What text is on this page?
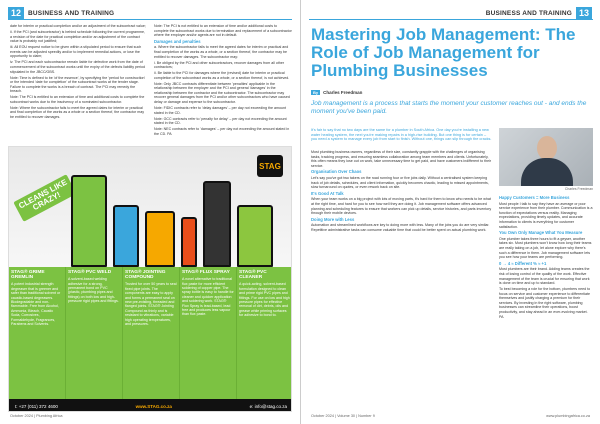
12	BUSINESS AND TRAINING

date for interim or practical completion and/or an adjustment of the subcontract value;

ii. If the PCI (and subcontractor) is behind schedule following the current programme, a revision of the date for practical completion and/or an adjustment of the contract value is probably not justified;

iii. All EOU request notice to be given within a stipulated period to ensure that such events can be adjusted speedily and/or to implement remedial actions, or lose the opportunity to claim;

iv. The PCI and each subcontractor remain liable for defective work from the date of commencement of the subcontract works until the expiry of the defects liability period stipulated in the JBCC/GBS.

Note: Time is defined to be 'of the essence', by specifying the 'period for construction' or the intended 'date for completion' of the subcontract works at the tender stage. Failure to complete the works is a breach of contract. The PCI may remedy the breach.

Note: The PCI is entitled to an extension of time and additional costs to complete the subcontract works due to the insolvency of a nominated subcontractor.

Note: Where the subcontractor fails to meet the agreed dates for interim or practical and final completion of the works as a whole or a section thereof, the contractor may be entitled to recover damages.

Note: The PCI is not entitled to an extension of time and/or additional costs to complete the subcontract works due to termination and replacement of a subcontractor where the employer and/or agents are not in default.

Damages and penalties

a. Where the subcontractor fails to meet the agreed dates for interim or practical and final completion of the works as a whole, or a section thereof, the contractor may be entitled to recover damages. The subcontractor may:

i. Be obliged by the PCI and other subcontractors, recover damages from all other contractors;

ii. Be liable to the PCI for damages where the (revised) date for interim or practical completion of the subcontract works as a whole, or a section thereof, is not achieved.

Note: Only JBCC contracts differentiate between 'penalties' applicable in the relationship between the employer and the PCI and general 'damages' in the relationship between the contractor and the subcontractor. The subcontractor may recover general damages from the PCI and/or other subcontractors who have caused delay or damage and expense to the subcontractor.

Note: FIDIC contracts refer to 'delay damages' – per day not exceeding the amount stated in the CD.

Note: GCC contracts refer to 'penalty for delay' – per day not exceeding the amount stated in the CD.

Note: NEC contracts refer to 'damages' – per day not exceeding the amount stated in the CD. PA

CLEANS LIKE CRAZY!
STAG
STAG® GRIME GREMLIN
A potent industrial strength degreaser that is greener and safer than traditional solvent or caustic-based degreasers. Biodegradable and non-flammable. Free from Alcohol, Ammonia, Bleach, Caustic Soda, Corrosives, Formaldehyde, Fragrances, Parabens and Solvents.
STAG® PVC WELD
A solvent-based welding adhesive for a strong, permanent bond on PVC (plastic, plumbing pipes and fittings) on both low and high-pressure rigid pipes and fittings.
STAG® JOINTING COMPOUND
Trusted for over 50 years to seal fixed pipe joints. The components are easy to apply and forms a permanent seal on new pre-existing, threaded and flanged joints. STAG® Jointing Compound as thinly and is resistant to vibrations, variable high operating temperatures, and pressures.
STAG® FLUX SPRAY
A novel alternative to traditional flux paste for more efficient soldering of copper pipe. The spray bottle is easy to handle for cleaner and quicker application and soldering work. STAG® Flux Spray is lead-based, lead free and produces less vapour than flux paste.
STAG® PVC CLEANER
A quick-acting, solvent-based formulation designed to clean and prime rigid PVC pipes and fittings. For use on low and high pressure pipes for effective removal of dirt, debris, oils and grease while priming surfaces for adhesive to bond to.
t: +27 (011) 372 4600	www.STAG.co.za	e: info@stag.co.za
October 2024 | Plumbing Africa
BUSINESS AND TRAINING 13
Mastering Job Management: The Role of Job Management for Plumbing Businesses
By	Charles Freedman
Job management is a process that starts the moment your customer reaches out - and ends the moment you've been paid.
It's fair to say that no two days are the same for a plumber in South Africa. One day you're installing a new water heating system, the next you're making repairs in a high-rise building. But one thing is for certain – you need a system to manage every job from start to finish. Without one, things can slip through the cracks.
Charles Freedman

Most plumbing business owners, regardless of their size, constantly grapple with the challenges of organising tasks, tracking progress, and ensuring seamless collaboration among team members and clients. Unfortunately, this often means they lose out on work, take unnecessary time to get paid, and have customers indifferent to their service.

Organisation Over Chaos

Let's say you've got two takers on the road running four or five jobs daily. Without a centralised system keeping track of job details, schedules, and client information, quickly becomes chaotic, leading to missed appointments, slow turnaround on quotes, or even rework back on site.

It's Good At Talk

When your team works on a big project with lots of moving parts, it's hard for them to know who needs to be what at the right time, and hard for you to see how well they are doing it. Job management software offers advanced planning and scheduling features to ensure that workers can pick up details, service histories, and parts inventory through their mobile devices.

Doing More with Less

Automation and streamlined workflows are key to doing more with less. Many of the jobs you do are very similar. Repetitive administrative tasks can consume valuable time that could be better spent on actual plumbing work.

Happy Customers = More Business

Most people I talk to say they have an average or poor service experience from their plumber. Communication is a function of expectations versus reality. Managing expectations, providing timely updates, and accurate information to clients is everything for customer satisfaction.

You Own Only Manage What You Measure

One plumber takes three hours to fit a geyser, another takes six. Most plumbers won't know how long their teams are really taking on a job, let alone explore why there's such a difference in them. Job management software lets you see how your teams are performing.

0 → 4 ≈ Different % ≈ +1

Most plumbers are their brand. Adding teams creates the risk of losing control of the quality of the work. Effective management of the team is crucial for ensuring that work is done on time and up to standard.

To best becoming a role for the bottom, plumbers need to focus on service and customer experience to differentiate themselves and justify charging a premium for their services. By investing in the right software, plumbing businesses can streamline their operations, boost productivity, and stay ahead in an ever-evolving market. PA

October 2024 | Volume 30 | Number 9	www.plumbingafrica.co.za
